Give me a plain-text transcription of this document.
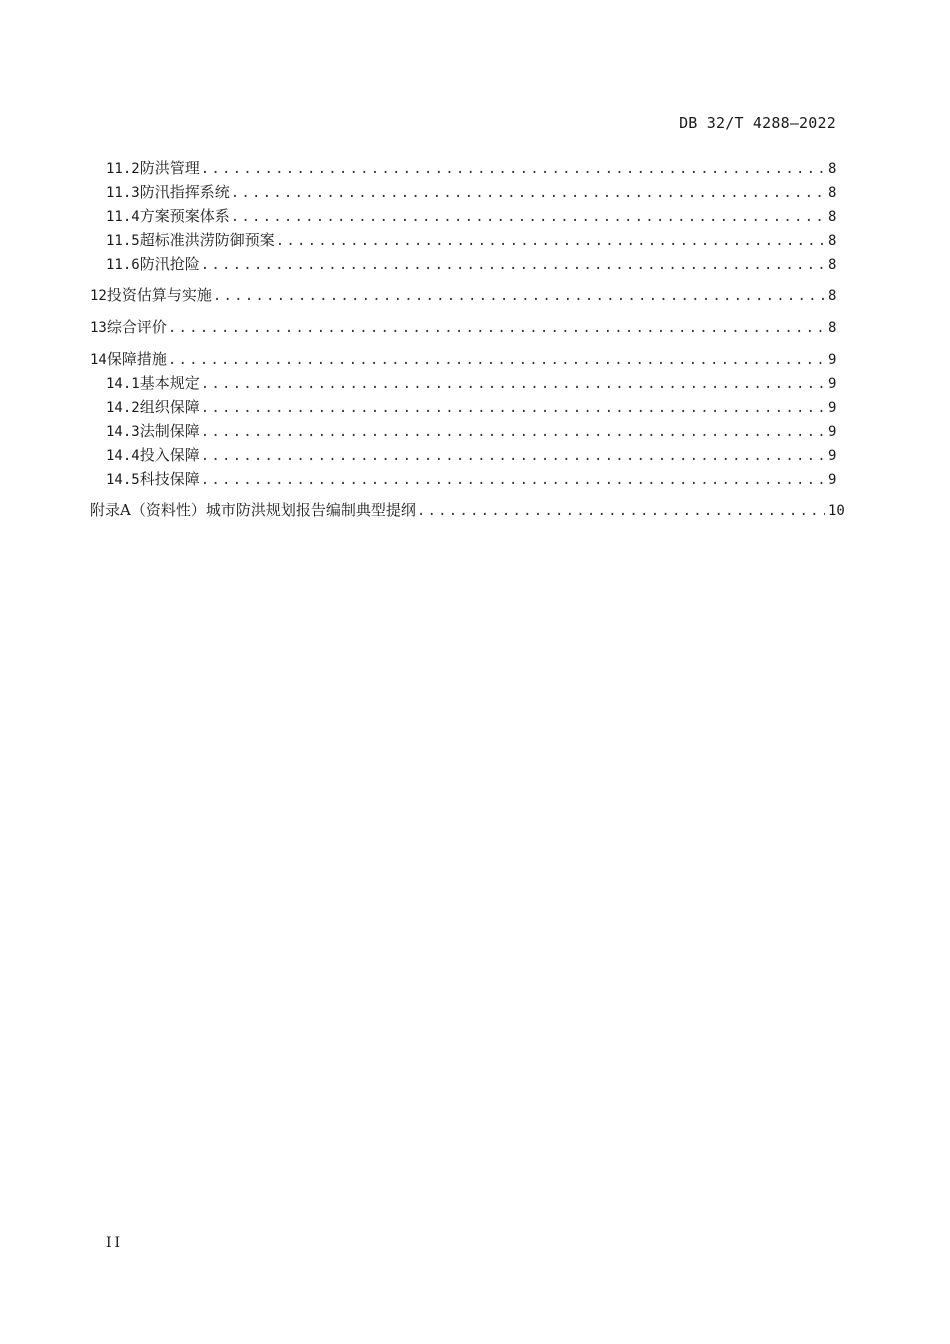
DB 32/T 4288—2022
11.2 防洪管理 .....	8
11.3 防汛指挥系统 .....	8
11.4 方案预案体系 .....	8
11.5 超标准洪涝防御预案 .....	8
11.6 防汛抢险 .....	8
12 投资估算与实施 .....	8
13 综合评价 .....	8
14 保障措施 .....	9
14.1 基本规定 .....	9
14.2 组织保障 .....	9
14.3 法制保障 .....	9
14.4 投入保障 .....	9
14.5 科技保障 .....	9
附录A（资料性） 城市防洪规划报告编制典型提纲 .....	10
II
